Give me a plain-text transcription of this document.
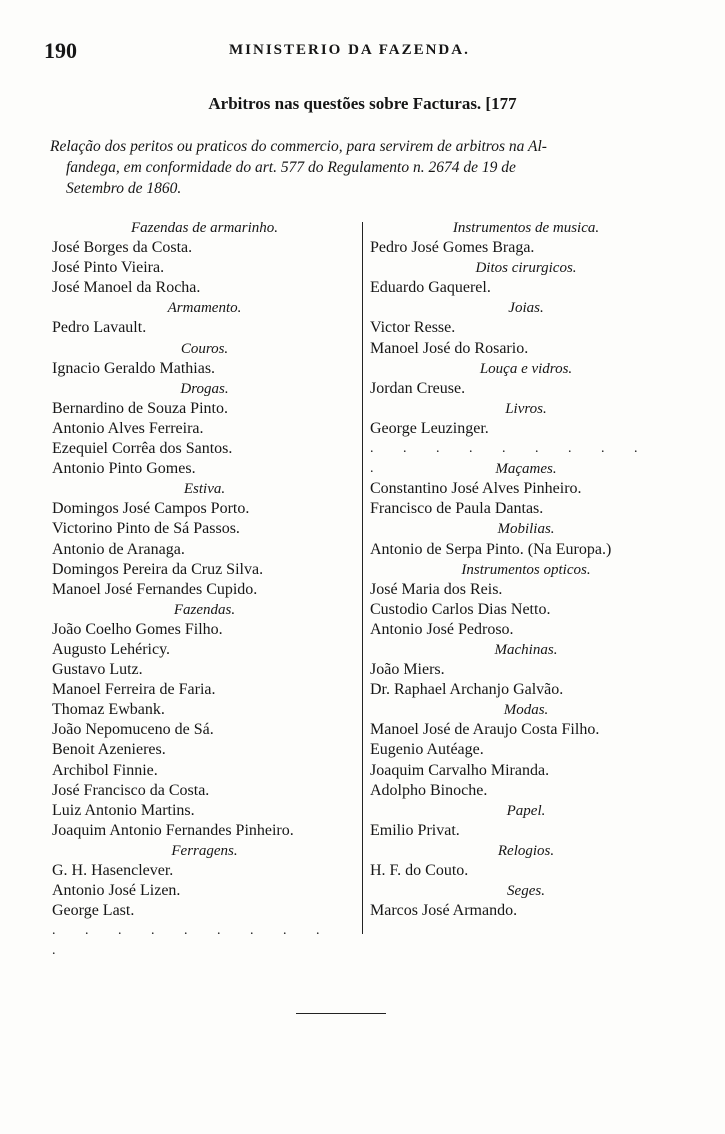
190	MINISTERIO DA FAZENDA.
Arbitros nas questões sobre Facturas. [177
Relação dos peritos ou praticos do commercio, para servirem de arbitros na Al-
fandega, em conformidade do art. 577 do Regulamento n. 2674 de 19 de
Setembro de 1860.
Fazendas de armarinho.
José Borges da Costa.
José Pinto Vieira.
José Manoel da Rocha.
Armamento.
Pedro Lavault.
Couros.
Ignacio Geraldo Mathias.
Drogas.
Bernardino de Souza Pinto.
Antonio Alves Ferreira.
Ezequiel Corrêa dos Santos.
Antonio Pinto Gomes.
Estiva.
Domingos José Campos Porto.
Victorino Pinto de Sá Passos.
Antonio de Aranaga.
Domingos Pereira da Cruz Silva.
Manoel José Fernandes Cupido.
Fazendas.
João Coelho Gomes Filho.
Augusto Lehéricy.
Gustavo Lutz.
Manoel Ferreira de Faria.
Thomaz Ewbank.
João Nepomuceno de Sá.
Benoit Azenieres.
Archibol Finnie.
José Francisco da Costa.
Luiz Antonio Martins.
Joaquim Antonio Fernandes Pinheiro.
Ferragens.
G. H. Hasenclever.
Antonio José Lizen.
George Last.
. . . . . . . . . .
Instrumentos de musica.
Pedro José Gomes Braga.
Ditos cirurgicos.
Eduardo Gaquerel.
Joias.
Victor Resse.
Manoel José do Rosario.
Louça e vidros.
Jordan Creuse.
Livros.
George Leuzinger.
. . . . . . . . . .	Maçames.
Constantino José Alves Pinheiro.
Francisco de Paula Dantas.
Mobilias.
Antonio de Serpa Pinto. (Na Europa.)
Instrumentos opticos.
José Maria dos Reis.
Custodio Carlos Dias Netto.
Antonio José Pedroso.
Machinas.
João Miers.
Dr. Raphael Archanjo Galvão.
Modas.
Manoel José de Araujo Costa Filho.
Eugenio Autéage.
Joaquim Carvalho Miranda.
Adolpho Binoche.
Papel.
Emilio Privat.
Relogios.
H. F. do Couto.
Seges.
Marcos José Armando.
